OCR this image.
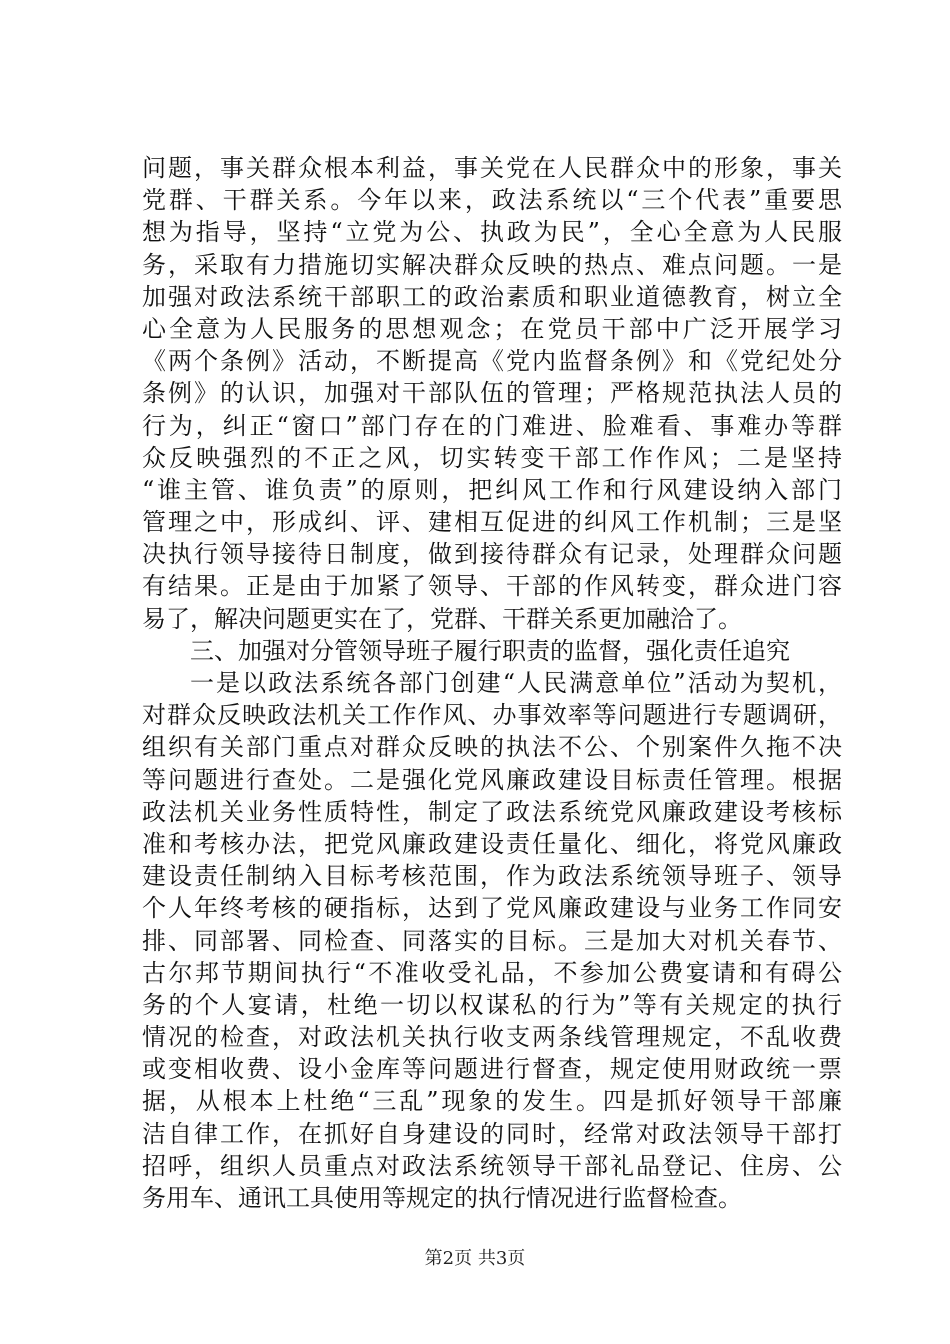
问题，事关群众根本利益，事关党在人民群众中的形象，事关
党群、干群关系。今年以来，政法系统以“三个代表”重要思
想为指导，坚持“立党为公、执政为民”，全心全意为人民服
务，采取有力措施切实解决群众反映的热点、难点问题。一是
加强对政法系统干部职工的政治素质和职业道德教育，树立全
心全意为人民服务的思想观念；在党员干部中广泛开展学习
《两个条例》活动，不断提高《党内监督条例》和《党纪处分
条例》的认识，加强对干部队伍的管理；严格规范执法人员的
行为，纠正“窗口”部门存在的门难进、脸难看、事难办等群
众反映强烈的不正之风，切实转变干部工作作风；二是坚持
“谁主管、谁负责”的原则，把纠风工作和行风建设纳入部门
管理之中，形成纠、评、建相互促进的纠风工作机制；三是坚
决执行领导接待日制度，做到接待群众有记录，处理群众问题
有结果。正是由于加紧了领导、干部的作风转变，群众进门容
易了，解决问题更实在了，党群、干群关系更加融洽了。
三、加强对分管领导班子履行职责的监督，强化责任追究
一是以政法系统各部门创建“人民满意单位”活动为契机，
对群众反映政法机关工作作风、办事效率等问题进行专题调研，
组织有关部门重点对群众反映的执法不公、个别案件久拖不决
等问题进行查处。二是强化党风廉政建设目标责任管理。根据
政法机关业务性质特性，制定了政法系统党风廉政建设考核标
准和考核办法，把党风廉政建设责任量化、细化，将党风廉政
建设责任制纳入目标考核范围，作为政法系统领导班子、领导
个人年终考核的硬指标，达到了党风廉政建设与业务工作同安
排、同部署、同检查、同落实的目标。三是加大对机关春节、
古尔邦节期间执行“不准收受礼品，不参加公费宴请和有碍公
务的个人宴请，杜绝一切以权谋私的行为”等有关规定的执行
情况的检查，对政法机关执行收支两条线管理规定，不乱收费
或变相收费、设小金库等问题进行督查，规定使用财政统一票
据，从根本上杜绝“三乱”现象的发生。四是抓好领导干部廉
洁自律工作，在抓好自身建设的同时，经常对政法领导干部打
招呼，组织人员重点对政法系统领导干部礼品登记、住房、公
务用车、通讯工具使用等规定的执行情况进行监督检查。
第2页 共3页
